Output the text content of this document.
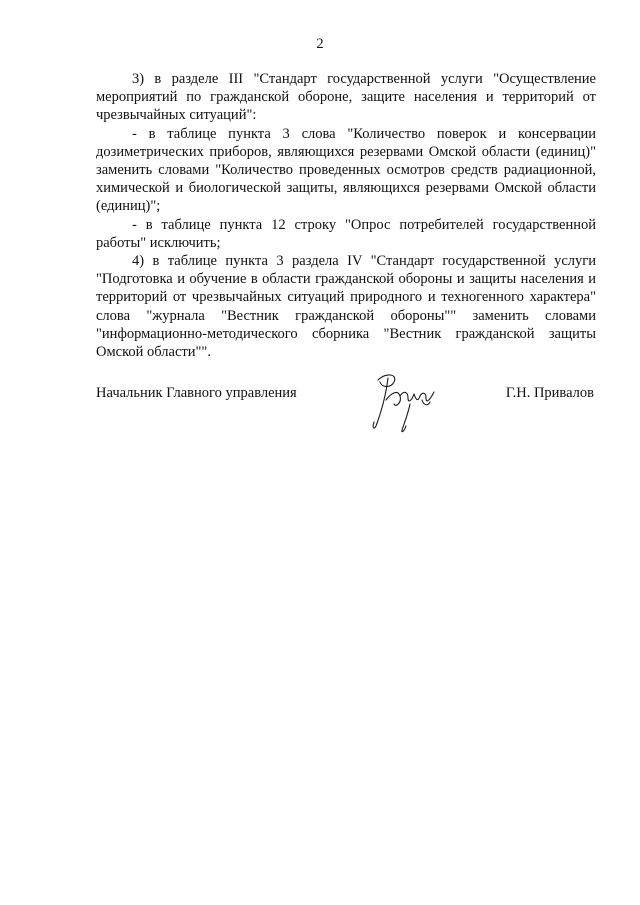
2

3) в разделе III "Стандарт государственной услуги "Осуществление мероприятий по гражданской обороне, защите населения и территорий от чрезвычайных ситуаций":

- в таблице пункта 3 слова "Количество поверок и консервации дозиметрических приборов, являющихся резервами Омской области (единиц)" заменить словами "Количество проведенных осмотров средств радиационной, химической и биологической защиты, являющихся резервами Омской области (единиц)";

- в таблице пункта 12 строку "Опрос потребителей государственной работы" исключить;

4) в таблице пункта 3 раздела IV "Стандарт государственной услуги "Подготовка и обучение в области гражданской обороны и защиты населения и территорий от чрезвычайных ситуаций природного и техногенного характера" слова "журнала "Вестник гражданской обороны"" заменить словами "информационно-методического сборника "Вестник гражданской защиты Омской области"".

Начальник Главного управления	Г.Н. Привалов
